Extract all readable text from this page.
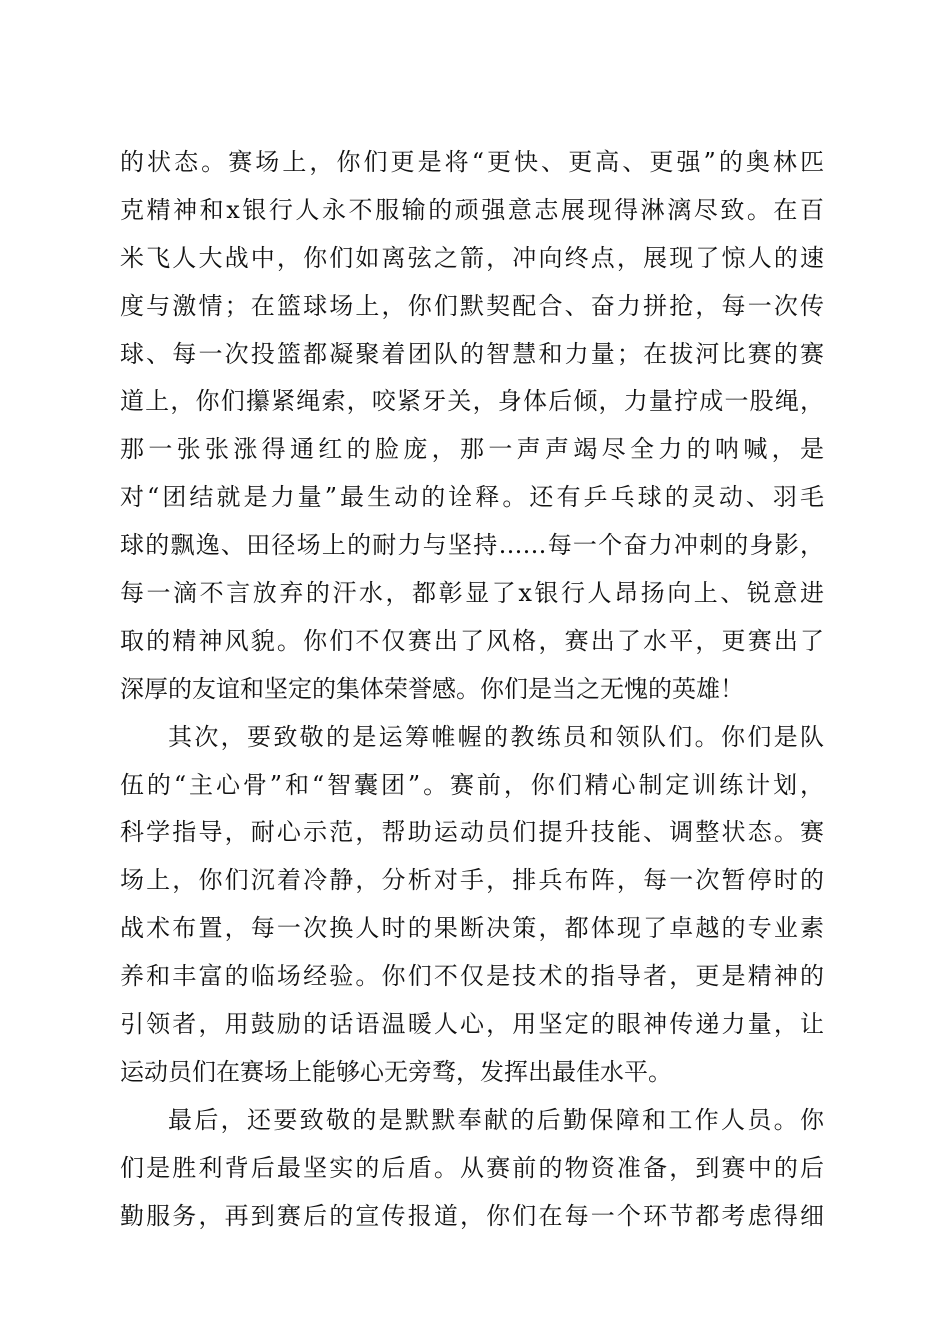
的状态。赛场上，你们更是将“更快、更高、更强”的奥林匹
克精神和x银行人永不服输的顽强意志展现得淋漓尽致。在百
米飞人大战中，你们如离弦之箭，冲向终点，展现了惊人的速
度与激情；在篮球场上，你们默契配合、奋力拼抢，每一次传
球、每一次投篮都凝聚着团队的智慧和力量；在拔河比赛的赛
道上，你们攥紧绳索，咬紧牙关，身体后倾，力量拧成一股绳，
那一张张涨得通红的脸庞，那一声声竭尽全力的呐喊，是
对“团结就是力量”最生动的诠释。还有乒乓球的灵动、羽毛
球的飘逸、田径场上的耐力与坚持……每一个奋力冲刺的身影，
每一滴不言放弃的汗水，都彰显了x银行人昂扬向上、锐意进
取的精神风貌。你们不仅赛出了风格，赛出了水平，更赛出了
深厚的友谊和坚定的集体荣誉感。你们是当之无愧的英雄！
其次，要致敬的是运筹帷幄的教练员和领队们。你们是队
伍的“主心骨”和“智囊团”。赛前，你们精心制定训练计划，
科学指导，耐心示范，帮助运动员们提升技能、调整状态。赛
场上，你们沉着冷静，分析对手，排兵布阵，每一次暂停时的
战术布置，每一次换人时的果断决策，都体现了卓越的专业素
养和丰富的临场经验。你们不仅是技术的指导者，更是精神的
引领者，用鼓励的话语温暖人心，用坚定的眼神传递力量，让
运动员们在赛场上能够心无旁骛，发挥出最佳水平。
最后，还要致敬的是默默奉献的后勤保障和工作人员。你
们是胜利背后最坚实的后盾。从赛前的物资准备，到赛中的后
勤服务，再到赛后的宣传报道，你们在每一个环节都考虑得细
